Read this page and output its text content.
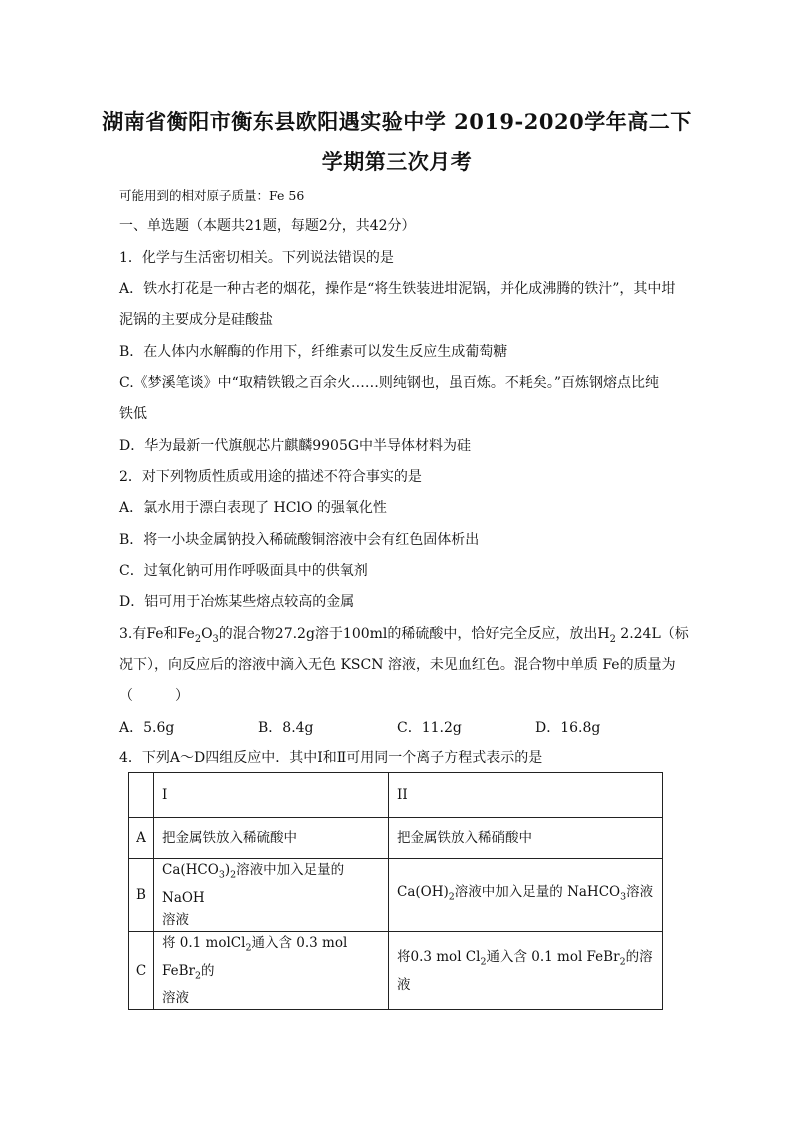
湖南省衡阳市衡东县欧阳遇实验中学 2019-2020学年高二下
学期第三次月考
可能用到的相对原子质量：Fe 56
一、单选题（本题共21题，每题2分，共42分）
1．化学与生活密切相关。下列说法错误的是
A．铁水打花是一种古老的烟花，操作是“将生铁装进坩泥锅，并化成沸腾的铁汁”，其中坩
泥锅的主要成分是硅酸盐
B．在人体内水解酶的作用下，纤维素可以发生反应生成葡萄糖
C.《梦溪笔谈》中“取精铁锻之百余火……则纯钢也，虽百炼。不耗矣。”百炼钢熔点比纯
铁低
D．华为最新一代旗舰芯片麒麟9905G中半导体材料为硅
2．对下列物质性质或用途的描述不符合事实的是
A．氯水用于漂白表现了 HClO 的强氧化性
B．将一小块金属钠投入稀硫酸铜溶液中会有红色固体析出
C．过氧化钠可用作呼吸面具中的供氧剂
D．铝可用于冶炼某些熔点较高的金属
3.有Fe和$Fe_2O_3$的混合物27.2g溶于100ml的稀硫酸中，恰好完全反应，放出$H_2$ 2.24L（标
况下），向反应后的溶液中滴入无色 KSCN 溶液，未见血红色。混合物中单质 Fe的质量为
（　　　）
A．5.6g	B．8.4g	C．11.2g	D．16.8g
4．下列A～D四组反应中．其中Ⅰ和Ⅱ可用同一个离子方程式表示的是
	I	II
A	把金属铁放入稀硫酸中	把金属铁放入稀硝酸中
B	$Ca(HCO_3)_2$溶液中加入足量的 NaOH
溶液	$Ca(OH)_2$溶液中加入足量的 NaHCO$_3$溶液
C	将 0.1 molCl$_2$通入含 0.3 mol FeBr$_2$的
溶液	将0.3 mol $Cl_2$通入含 0.1 mol FeBr$_2$的溶液
